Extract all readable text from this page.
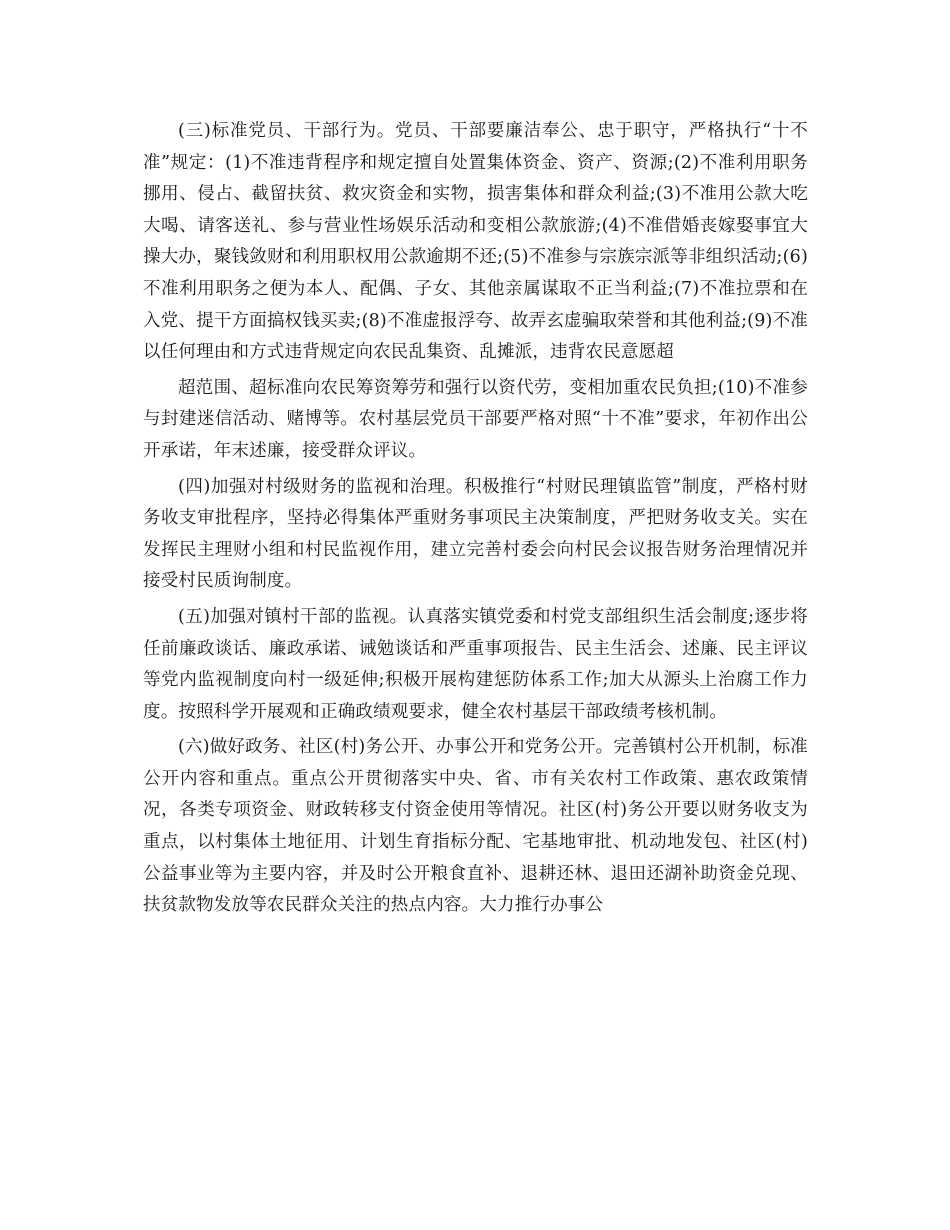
(三)标准党员、干部行为。党员、干部要廉洁奉公、忠于职守，严格执行“十不准”规定：(1)不准违背程序和规定擅自处置集体资金、资产、资源;(2)不准利用职务挪用、侵占、截留扶贫、救灾资金和实物，损害集体和群众利益;(3)不准用公款大吃大喝、请客送礼、参与营业性场娱乐活动和变相公款旅游;(4)不准借婚丧嫁娶事宜大操大办，聚钱敛财和利用职权用公款逾期不还;(5)不准参与宗族宗派等非组织活动;(6)不准利用职务之便为本人、配偶、子女、其他亲属谋取不正当利益;(7)不准拉票和在入党、提干方面搞权钱买卖;(8)不准虚报浮夸、故弄玄虚骗取荣誉和其他利益;(9)不准以任何理由和方式违背规定向农民乱集资、乱摊派，违背农民意愿超

超范围、超标准向农民筹资筹劳和强行以资代劳，变相加重农民负担;(10)不准参与封建迷信活动、赌博等。农村基层党员干部要严格对照“十不准”要求，年初作出公开承诺，年末述廉，接受群众评议。

(四)加强对村级财务的监视和治理。积极推行“村财民理镇监管”制度，严格村财务收支审批程序，坚持必得集体严重财务事项民主决策制度，严把财务收支关。实在发挥民主理财小组和村民监视作用，建立完善村委会向村民会议报告财务治理情况并接受村民质询制度。

(五)加强对镇村干部的监视。认真落实镇党委和村党支部组织生活会制度;逐步将任前廉政谈话、廉政承诺、诫勉谈话和严重事项报告、民主生活会、述廉、民主评议等党内监视制度向村一级延伸;积极开展构建惩防体系工作;加大从源头上治腐工作力度。按照科学开展观和正确政绩观要求，健全农村基层干部政绩考核机制。

(六)做好政务、社区(村)务公开、办事公开和党务公开。完善镇村公开机制，标准公开内容和重点。重点公开贯彻落实中央、省、市有关农村工作政策、惠农政策情况，各类专项资金、财政转移支付资金使用等情况。社区(村)务公开要以财务收支为重点，以村集体土地征用、计划生育指标分配、宅基地审批、机动地发包、社区(村)公益事业等为主要内容，并及时公开粮食直补、退耕还林、退田还湖补助资金兑现、扶贫款物发放等农民群众关注的热点内容。大力推行办事公
